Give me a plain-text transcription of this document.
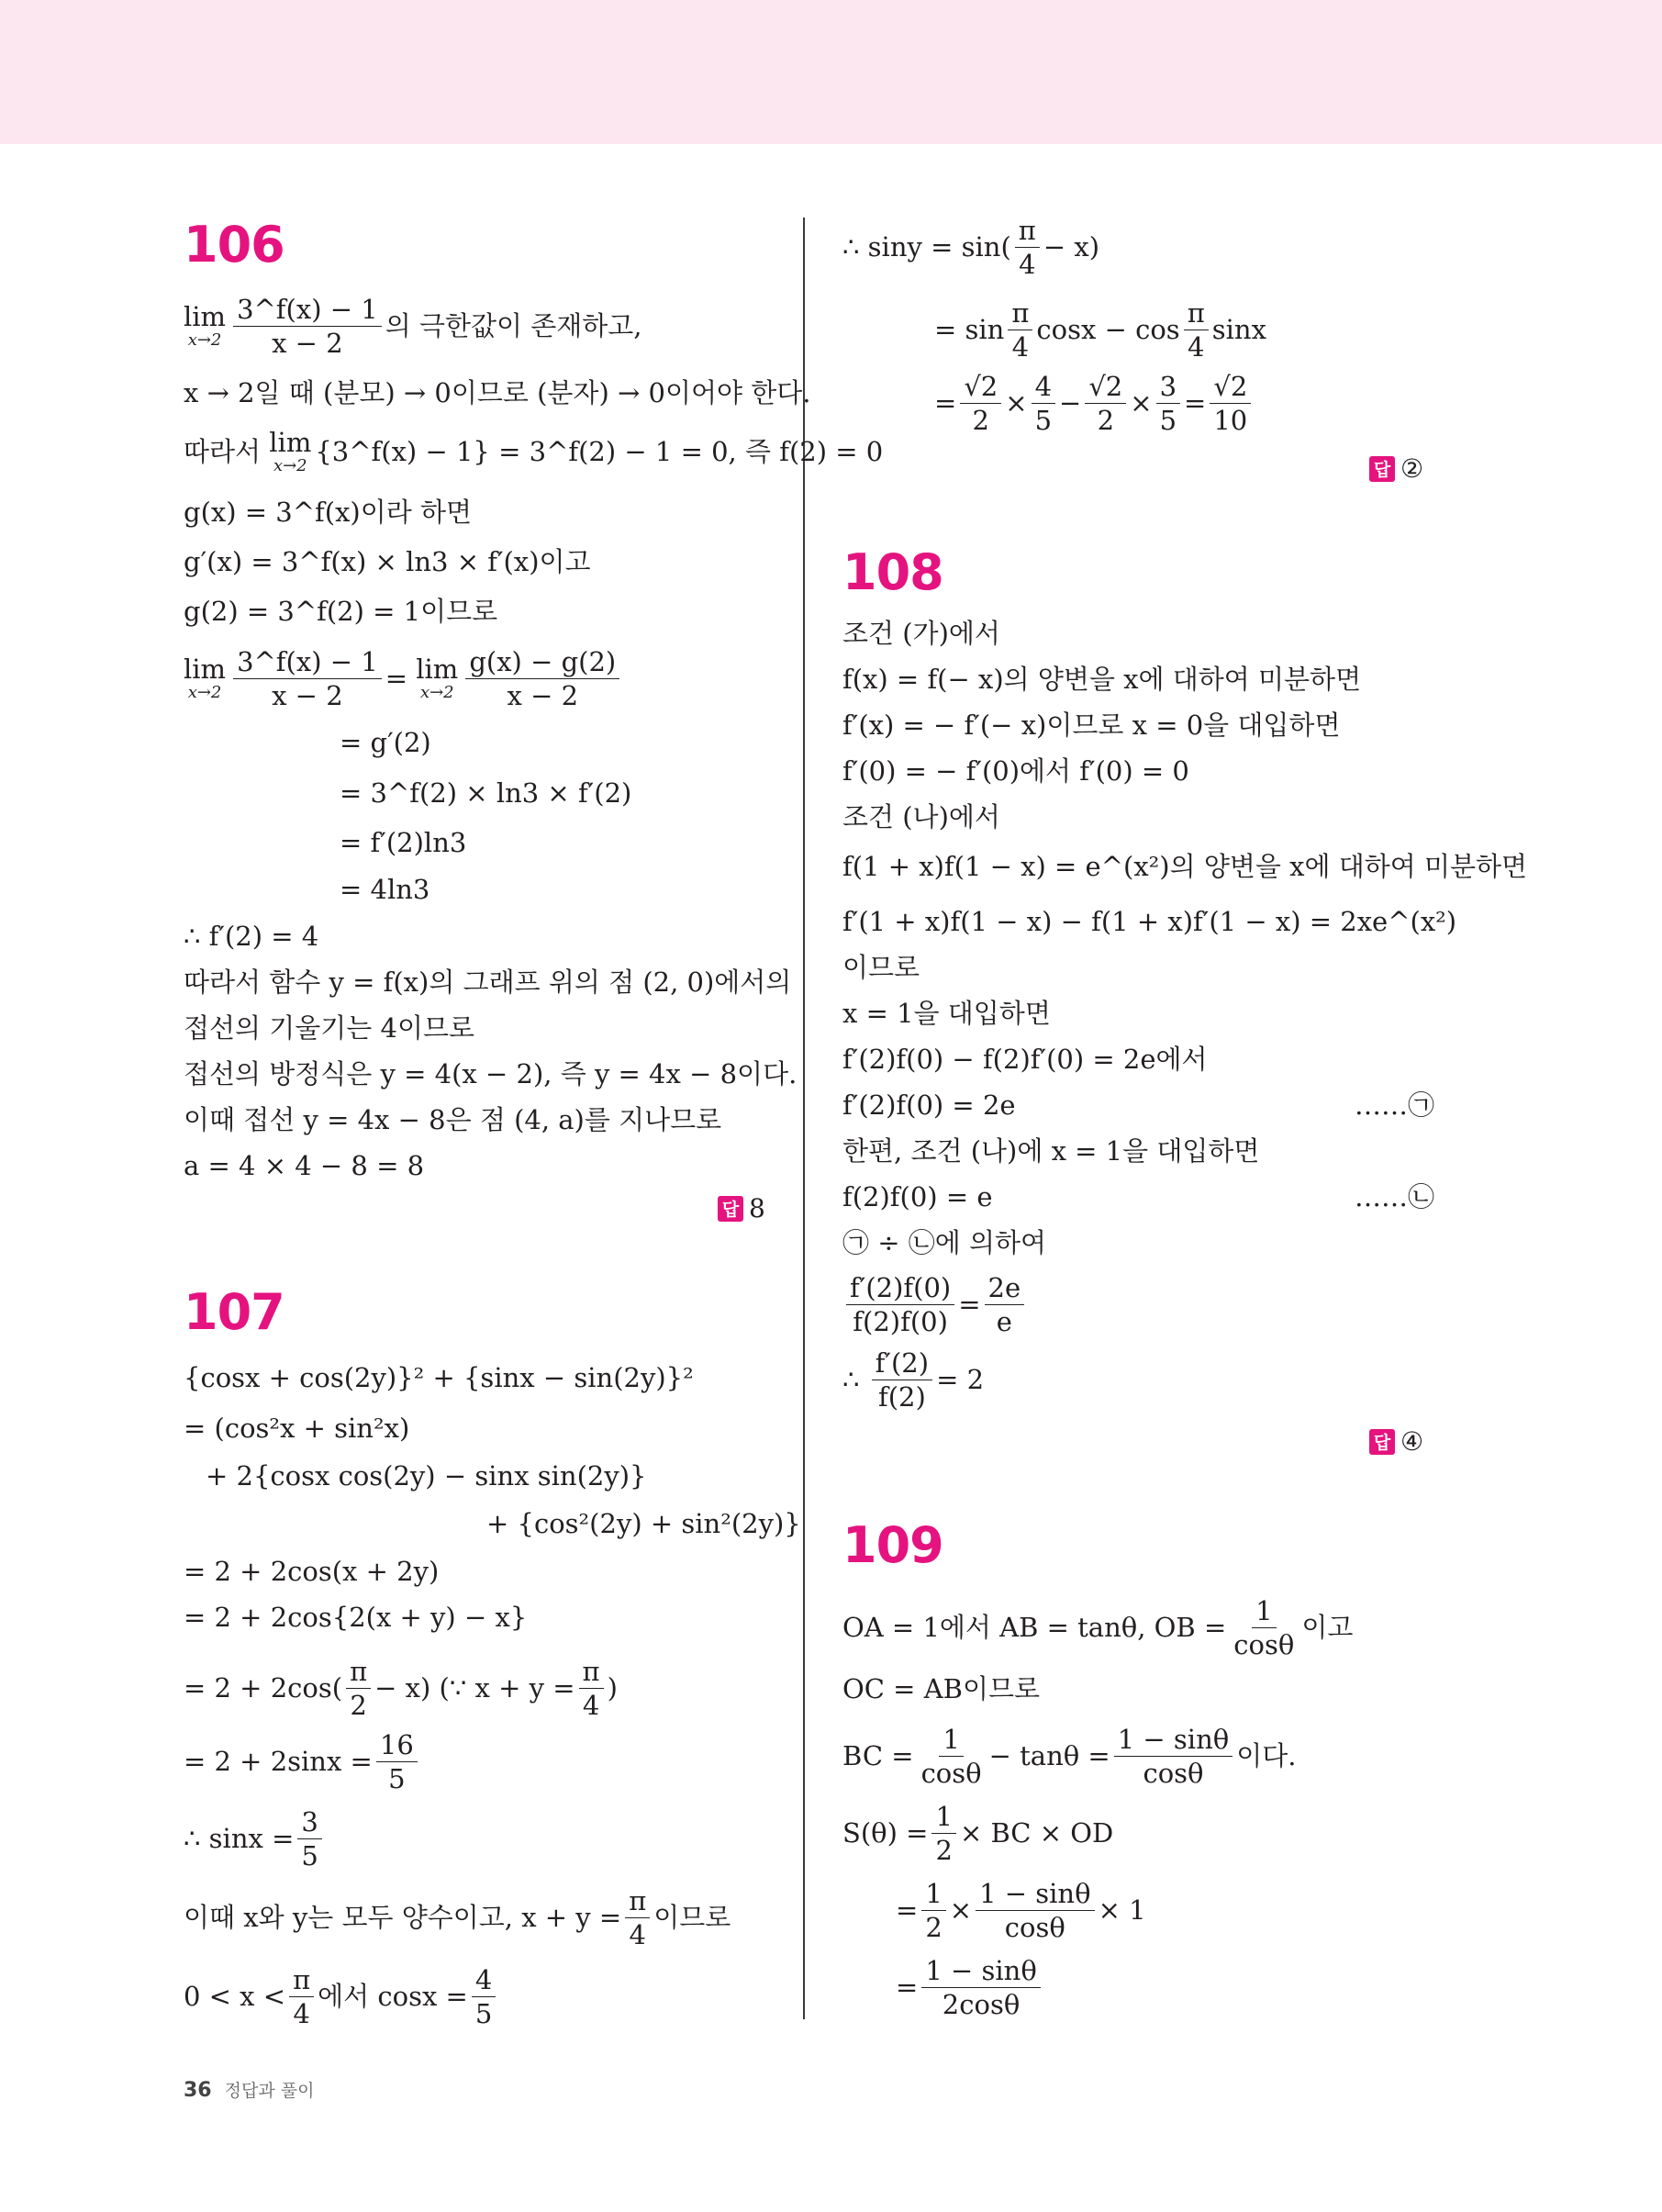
106
lim
$x\to 2 \frac{3\^{}f(x) - 1}{x - 2}$ 의 극한값이 존재하고,
x → 2일 때 (분모) → 0이므로 (분자) → 0이어야 한다.
따라서
lim
x→2 {3^f(x) − 1} = 3^f(2) − 1 = 0, 즉 f(2) = 0
g(x) = 3^f(x)이라 하면
g′(x) = 3^f(x) × ln3 × f′(x)이고
g(2) = 3^f(2) = 1이므로
lim
$x\to 2 \frac{3\^{}f(x) - 1}{x - 2}$ =
lim
$x\to 2 \frac{g(x) - g(2)}{x - 2}$
= g′(2)
= 3^f(2) × ln3 × f′(2)
= f′(2)ln3
= 4ln3
∴ f′(2) = 4
따라서 함수 y = f(x)의 그래프 위의 점 (2, 0)에서의
접선의 기울기는 4이므로
접선의 방정식은 y = 4(x − 2), 즉 y = 4x − 8이다.
이때 접선 y = 4x − 8은 점 (4, a)를 지나므로
a = 4 × 4 − 8 = 8
답 8
107
{cosx + cos(2y)}² + {sinx − sin(2y)}²
= (cos²x + sin²x)
+ 2{cosx cos(2y) − sinx sin(2y)}
+ {cos²(2y) + sin²(2y)}
= 2 + 2cos(x + 2y)
= 2 + 2cos{2(x + y) − x}
= $2 + 2\cos( \frac{\pi}{2} - x)$ (∵ $x + y = \frac{\pi}{4}$ )
= $2 + 2\sin x = \frac{16}{5}$
∴ $\sin x = \frac{3}{5}$
이때 x와 y는 모두 양수이고, $x + y = \frac{\pi}{4}$ 이므로
$0 < x < \frac{\pi}{4}$ 에서 $\cos x = \frac{4}{5}$
∴ $\sin y = \sin( \frac{\pi}{4} - x)$
= $\sin \frac{\pi}{4}$ $\cos x - \cos \frac{\pi}{4}$ sinx
= $\frac{√2}{2} \times \frac{4}{5} - \frac{√2}{2} \times \frac{3}{5} = \frac{√2}{10}$
답 ②
108
조건 (가)에서
f(x) = f(− x)의 양변을 x에 대하여 미분하면
f′(x) = − f′(− x)이므로 x = 0을 대입하면
f′(0) = − f′(0)에서 f′(0) = 0
조건 (나)에서
f(1 + x)f(1 − x) = e^(x²)의 양변을 x에 대하여 미분하면
f′(1 + x)f(1 − x) − f(1 + x)f′(1 − x) = 2xe^(x²)
이므로
x = 1을 대입하면
f′(2)f(0) − f(2)f′(0) = 2e에서
f′(2)f(0) = 2e	……㉠
한편, 조건 (나)에 x = 1을 대입하면
f(2)f(0) = e	……㉡
㉠ ÷ ㉡에 의하여
$\frac{f'(2)f(0)}{f(2)f(0)} = \frac{2e}{e}$
∴
$\frac{f'(2)}{f(2)} = 2$
답 ④
109
OA = 1에서 AB = tanθ, OB = $\frac{1}{\cos\theta}$ 이고
OC = AB이므로
BC = $\frac{1}{\cos\theta} - \tan\theta = \frac{1 - \sin\theta}{\cos\theta}$ 이다.
$S(\theta) = \frac{1}{2}$ × BC × OD
= $\frac{1}{2} \times \frac{1 - \sin\theta}{\cos\theta} \times 1$
= $\frac{1 - \sin\theta}{2\cos\theta}$
36 정답과 풀이
